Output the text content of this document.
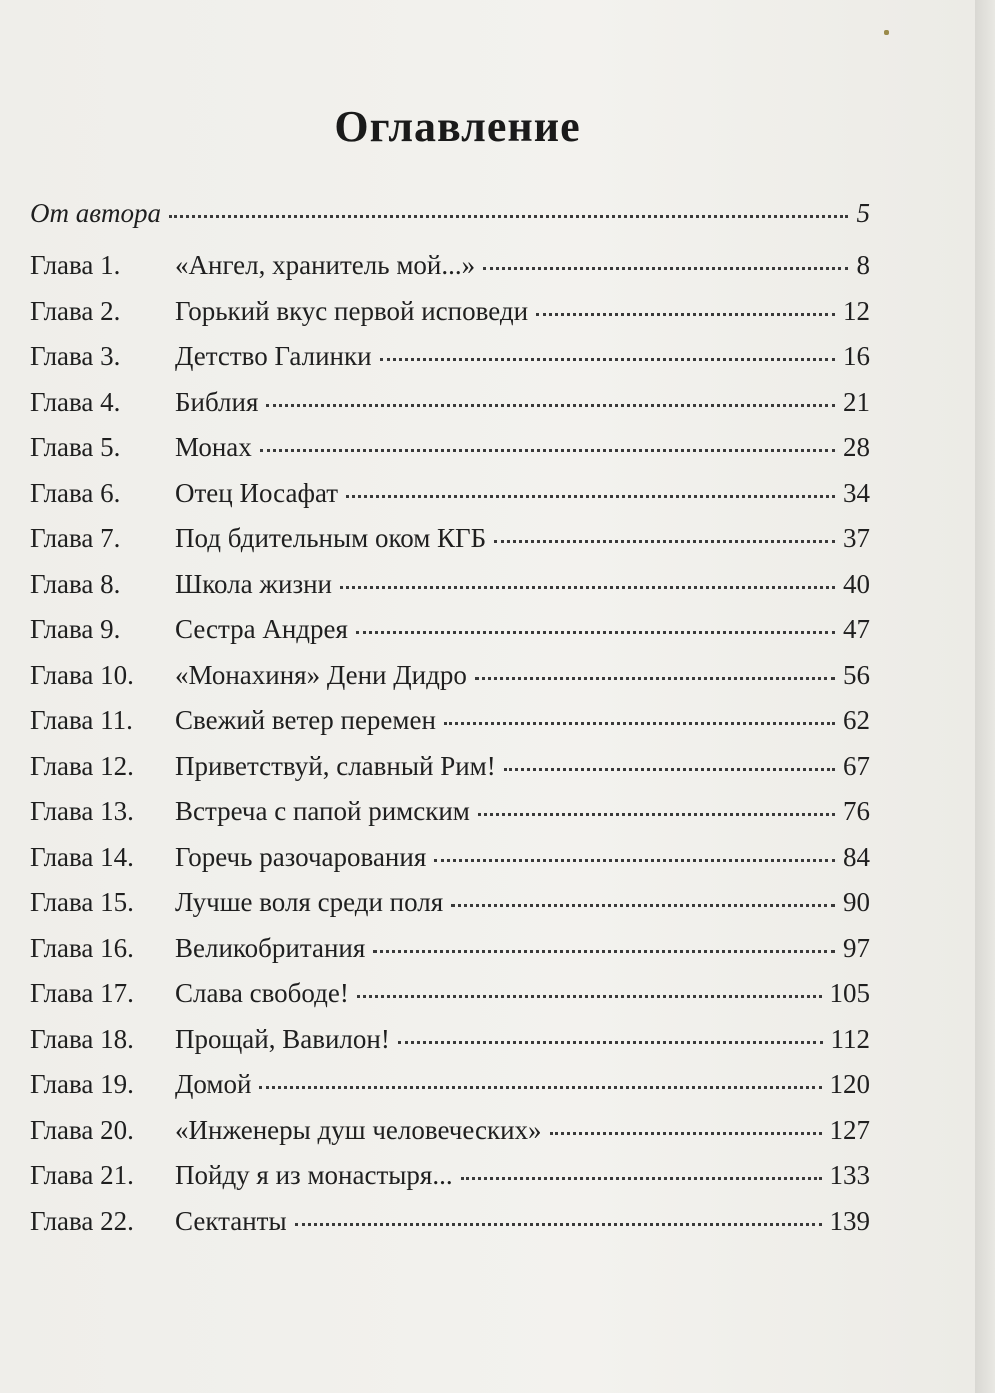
Оглавление
От автора	5
Глава 1.	«Ангел, хранитель мой...»	8
Глава 2.	Горький вкус первой исповеди	12
Глава 3.	Детство Галинки	16
Глава 4.	Библия	21
Глава 5.	Монах	28
Глава 6.	Отец Иосафат	34
Глава 7.	Под бдительным оком КГБ	37
Глава 8.	Школа жизни	40
Глава 9.	Сестра Андрея	47
Глава 10.	«Монахиня» Дени Дидро	56
Глава 11.	Свежий ветер перемен	62
Глава 12.	Приветствуй, славный Рим!	67
Глава 13.	Встреча с папой римским	76
Глава 14.	Горечь разочарования	84
Глава 15.	Лучше воля среди поля	90
Глава 16.	Великобритания	97
Глава 17.	Слава свободе!	105
Глава 18.	Прощай, Вавилон!	112
Глава 19.	Домой	120
Глава 20.	«Инженеры душ человеческих»	127
Глава 21.	Пойду я из монастыря...	133
Глава 22.	Сектанты	139
